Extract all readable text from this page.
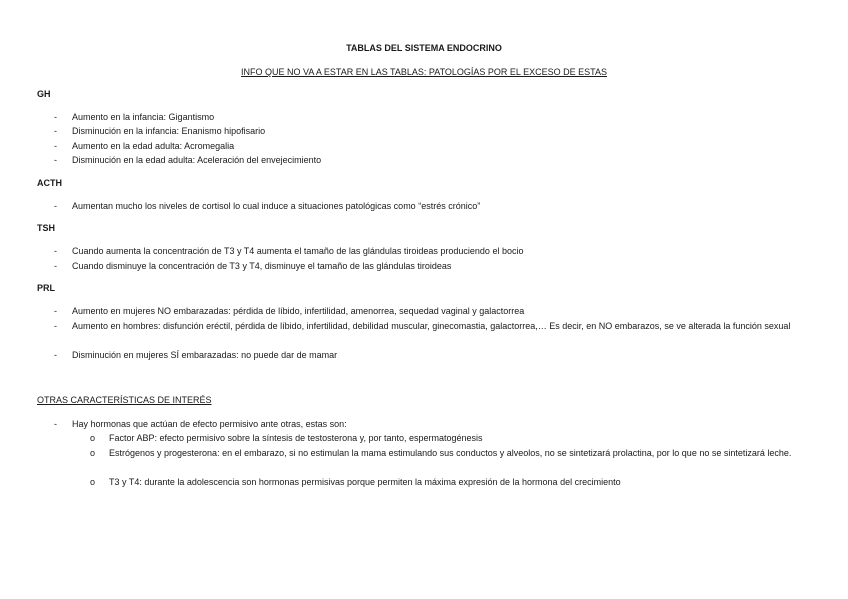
TABLAS DEL SISTEMA ENDOCRINO
INFO QUE NO VA A ESTAR EN LAS TABLAS: PATOLOGÍAS POR EL EXCESO DE ESTAS
GH
- Aumento en la infancia: Gigantismo
- Disminución en la infancia: Enanismo hipofisario
- Aumento en la edad adulta: Acromegalia
- Disminución en la edad adulta: Aceleración del envejecimiento
ACTH
- Aumentan mucho los niveles de cortisol lo cual induce a situaciones patológicas como “estrés crónico”
TSH
- Cuando aumenta la concentración de T3 y T4 aumenta el tamaño de las glándulas tiroideas produciendo el bocio
- Cuando disminuye la concentración de T3 y T4, disminuye el tamaño de las glándulas tiroideas
PRL
- Aumento en mujeres NO embarazadas: pérdida de líbido, infertilidad, amenorrea, sequedad vaginal y galactorrea
- Aumento en hombres: disfunción eréctil, pérdida de líbido, infertilidad, debilidad muscular, ginecomastia, galactorrea,… Es decir, en NO embarazos, se ve alterada la función sexual
- Disminución en mujeres SÍ embarazadas: no puede dar de mamar
OTRAS CARACTERÍSTICAS DE INTERÉS
- Hay hormonas que actúan de efecto permisivo ante otras, estas son:
o Factor ABP: efecto permisivo sobre la síntesis de testosterona y, por tanto, espermatogénesis
o Estrógenos y progesterona: en el embarazo, si no estimulan la mama estimulando sus conductos y alveolos, no se sintetizará prolactina, por lo que no se sintetizará leche.
o T3 y T4: durante la adolescencia son hormonas permisivas porque permiten la máxima expresión de la hormona del crecimiento
